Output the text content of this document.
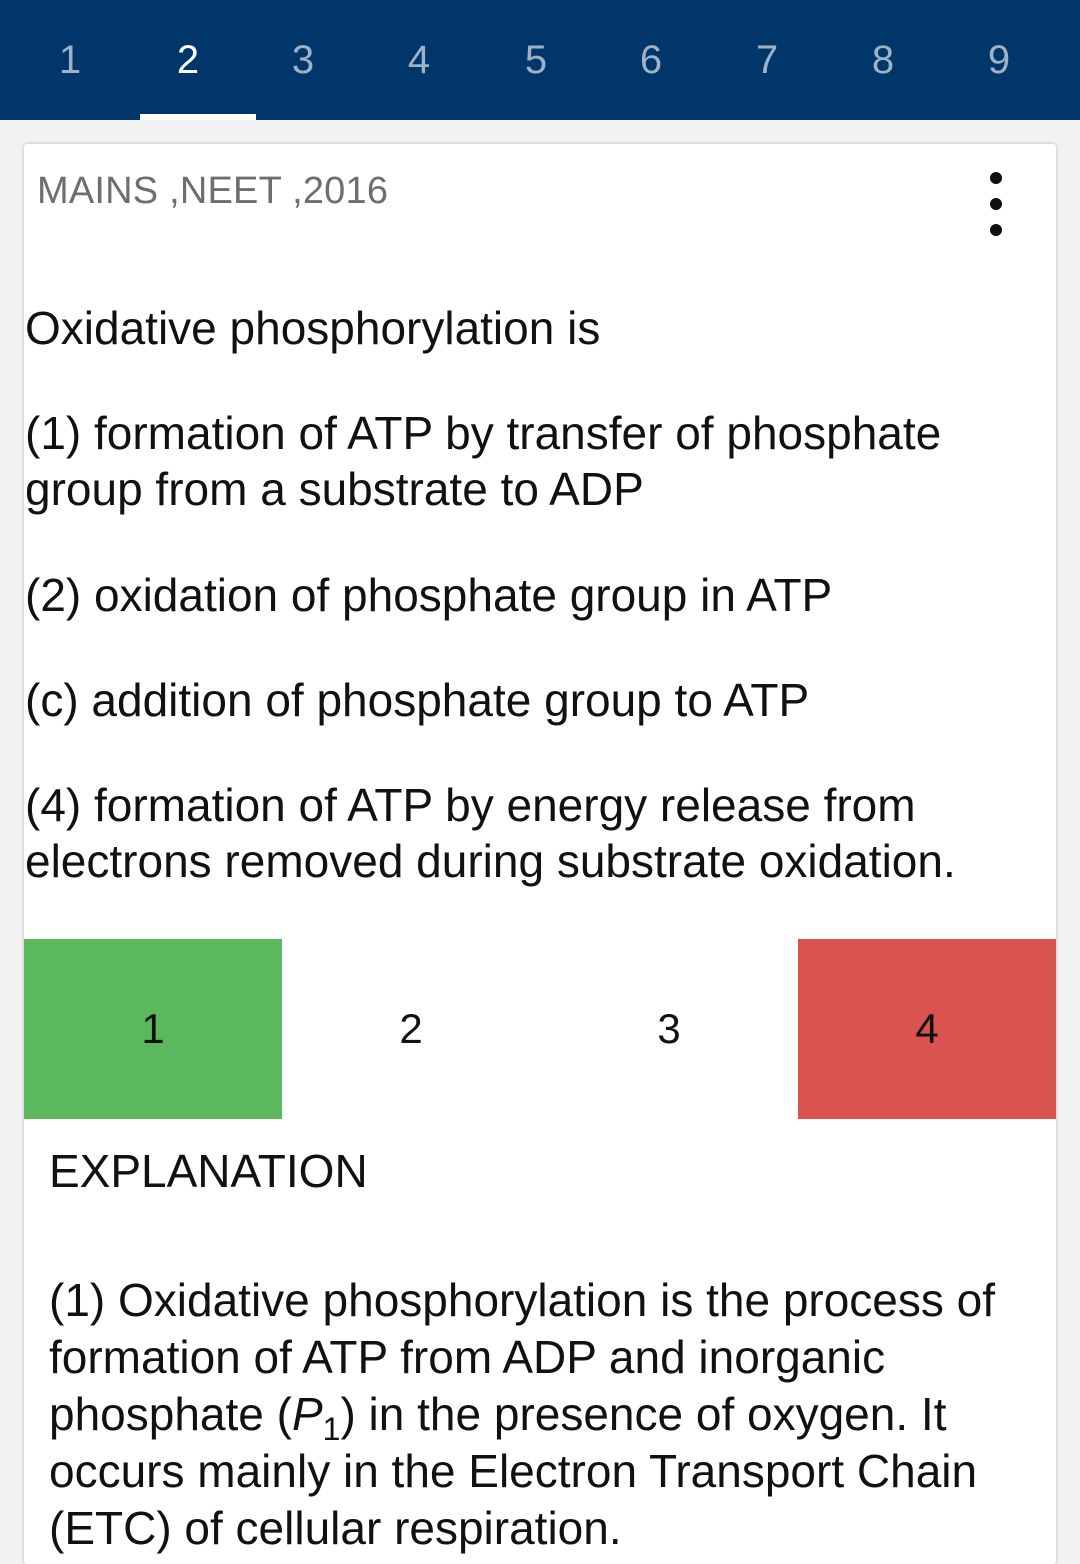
1	2	3	4	5	6	7	8	9
MAINS ,NEET ,2016
Oxidative phosphorylation is
(1) formation of ATP by transfer of phosphate group from a substrate to ADP
(2) oxidation of phosphate group in ATP
(c) addition of phosphate group to ATP
(4) formation of ATP by energy release from electrons removed during substrate oxidation.
1	2	3	4
EXPLANATION

(1) Oxidative phosphorylation is the process of formation of ATP from ADP and inorganic phosphate $(P_1)$ in the presence of oxygen. It occurs mainly in the Electron Transport Chain (ETC) of cellular respiration.
